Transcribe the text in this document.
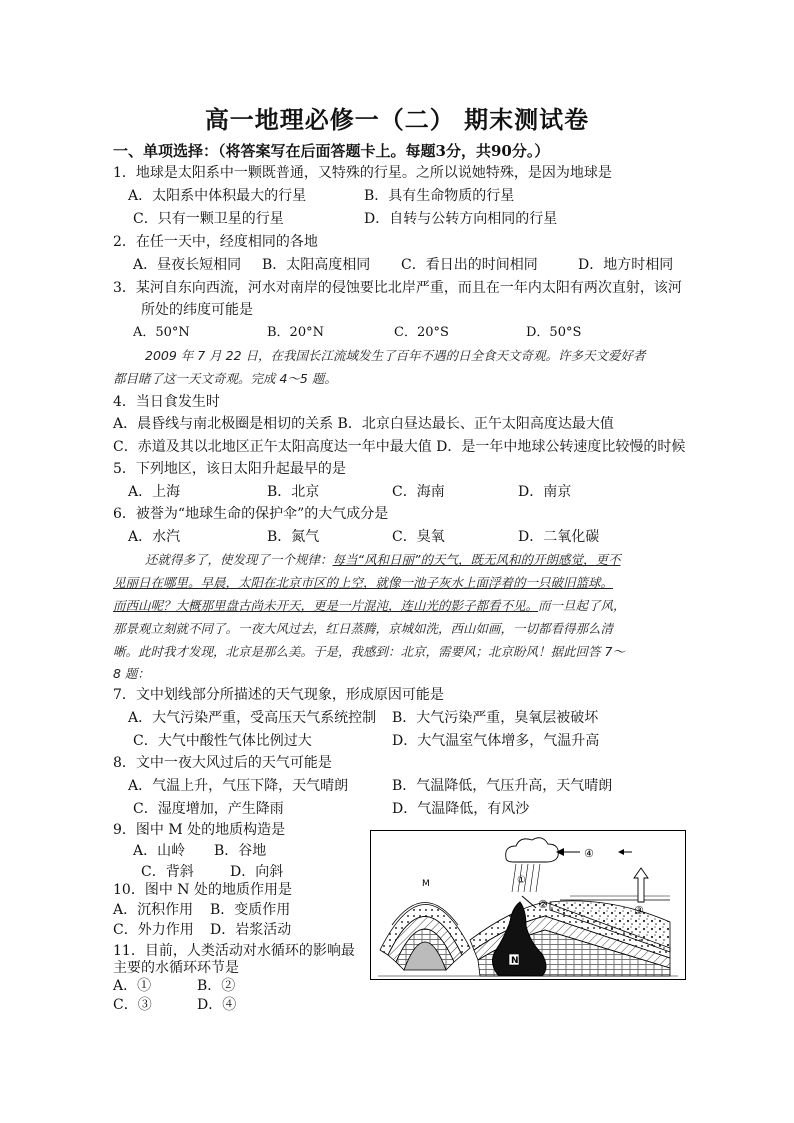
高一地理必修一（二） 期末测试卷
一、单项选择：（将答案写在后面答题卡上。每题3分，共90分。）
1．地球是太阳系中一颗既普通，又特殊的行星。之所以说她特殊，是因为地球是
A．太阳系中体积最大的行星	B．具有生命物质的行星
C．只有一颗卫星的行星	D．自转与公转方向相同的行星
2．在任一天中，经度相同的各地
A．昼夜长短相同 B．太阳高度相同 C．看日出的时间相同	D．地方时相同
3．某河自东向西流，河水对南岸的侵蚀要比北岸严重，而且在一年内太阳有两次直射，该河
所处的纬度可能是
A．50°N	B．20°N	C．20°S	D．50°S
2009 年 7 月 22 日，在我国长江流域发生了百年不遇的日全食天文奇观。许多天文爱好者
都目睹了这一天文奇观。完成 4～5 题。
4．当日食发生时
A．晨昏线与南北极圈是相切的关系 B．北京白昼达最长、正午太阳高度达最大值
C．赤道及其以北地区正午太阳高度达一年中最大值 D．是一年中地球公转速度比较慢的时候
5．下列地区，该日太阳升起最早的是
A．上海	B．北京	C．海南	D．南京
6．被誉为“地球生命的保护伞”的大气成分是
A．水汽	B．氮气	C．臭氧	D．二氧化碳
还就得多了，使发现了一个规律：每当“风和日丽”的天气，既无风和的开朗感觉，更不
见丽日在哪里。早晨，太阳在北京市区的上空，就像一池子灰水上面浮着的一只破旧篮球。
而西山呢？大概那里盘古尚未开天，更是一片混沌，连山光的影子都看不见。而一旦起了风，
那景观立刻就不同了。一夜大风过去，红日蒸腾，京城如洗，西山如画，一切都看得那么清
晰。此时我才发现，北京是那么美。于是，我感到：北京，需要风；北京盼风！据此回答 7～
8 题：
7．文中划线部分所描述的天气现象，形成原因可能是
A．大气污染严重，受高压天气系统控制 B．大气污染严重，臭氧层被破坏
C．大气中酸性气体比例过大	D．大气温室气体增多，气温升高
8．文中一夜大风过后的天气可能是
A．气温上升，气压下降，天气晴朗	B．气温降低，气压升高，天气晴朗
C．湿度增加，产生降雨	D．气温降低，有风沙
9．图中 M 处的地质构造是
A．山岭 B．谷地
C．背斜	D．向斜
10．图中 N 处的地质作用是
A．沉积作用 B．变质作用
C．外力作用 D．岩浆活动
11．目前，人类活动对水循环的影响最
主要的水循环环节是
A．①	B．②
C．③	D．④
M
N
①
④
③
②
